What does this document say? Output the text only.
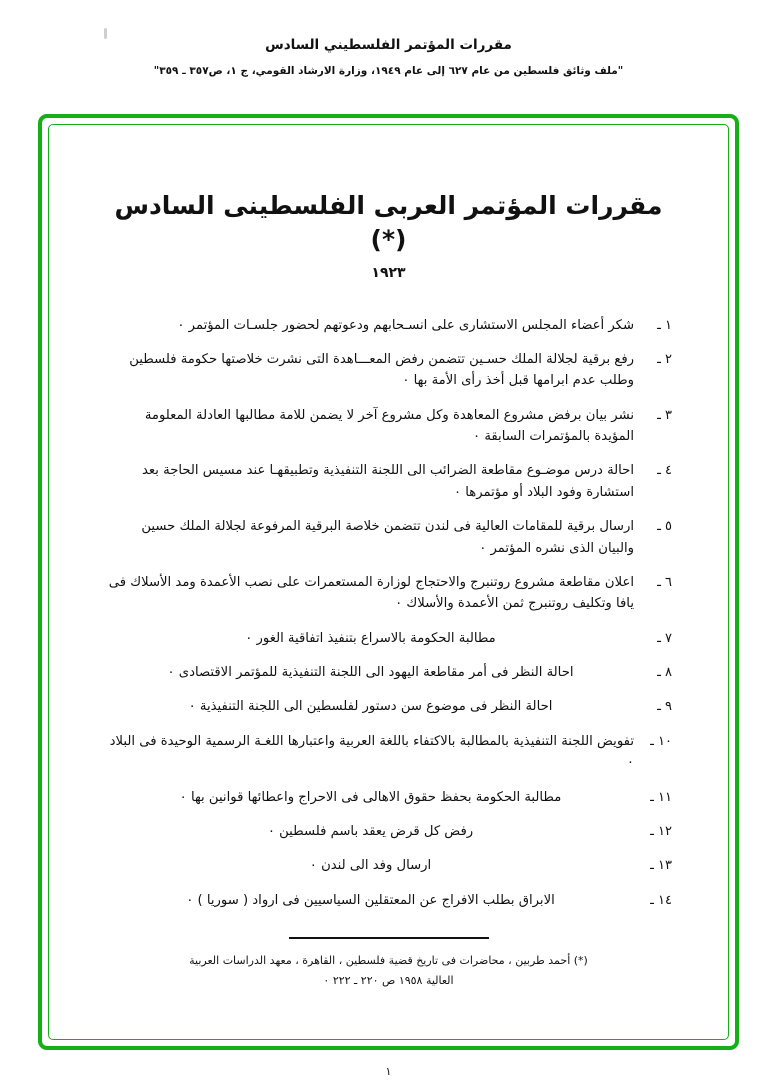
مقررات المؤتمر الفلسطيني السادس
"ملف وثائق فلسطين من عام ٦٢٧ إلى عام ١٩٤٩، وزارة الارشاد القومي، ج ١، ص٣٥٧ ـ ٣٥٩"
مقررات المؤتمر العربى الفلسطينى السادس (*)
١٩٢٣
١ ـ
شكر أعضاء المجلس الاستشارى على انسـحابهم ودعوتهم لحضور جلسـات المؤتمر ٠
٢ ـ
رفع برقية لجلالة الملك حسـين تتضمن رفض المعـــاهدة التى نشرت خلاصتها حكومة فلسطين وطلب عدم ابرامها قبل أخذ رأى الأمة بها ٠
٣ ـ
نشر بيان برفض مشروع المعاهدة وكل مشروع آخر لا يضمن للامة مطالبها العادلة المعلومة المؤيدة بالمؤتمرات السابقة ٠
٤ ـ
احالة درس موضـوع مقاطعة الضرائب الى اللجنة التنفيذية وتطبيقهـا عند مسيس الحاجة بعد استشارة وفود البلاد أو مؤتمرها ٠
٥ ـ
ارسال برقية للمقامات العالية فى لندن تتضمن خلاصة البرقية المرفوعة لجلالة الملك حسين والبيان الذى نشره المؤتمر ٠
٦ ـ
اعلان مقاطعة مشروع روتنبرج والاحتجاج لوزارة المستعمرات على نصب الأعمدة ومد الأسلاك فى يافا وتكليف روتنبرج ثمن الأعمدة والأسلاك ٠
٧ ـ
مطالبة الحكومة بالاسراع بتنفيذ اتفاقية الغور ٠
٨ ـ
احالة النظر فى أمر مقاطعة اليهود الى اللجنة التنفيذية للمؤتمر الاقتصادى ٠
٩ ـ
احالة النظر فى موضوع سن دستور لفلسطين الى اللجنة التنفيذية ٠
١٠ ـ
تفويض اللجنة التنفيذية بالمطالبة بالاكتفاء باللغة العربية واعتبارها اللغـة الرسمية الوحيدة فى البلاد ٠
١١ ـ
مطالبة الحكومة بحفظ حقوق الاهالى فى الاحراج واعطائها قوانين بها ٠
١٢ ـ
رفض كل قرض يعقد باسم فلسطين ٠
١٣ ـ
ارسال وفد الى لندن ٠
١٤ ـ
الابراق بطلب الافراج عن المعتقلين السياسيين فى ارواد ( سوريا ) ٠
(*) أحمد طربين ، محاضرات فى تاريخ قضية فلسطين ، القاهرة ، معهد الدراسات العربية
العالية ١٩٥٨ ص ٢٢٠ ـ ٢٢٢ ٠
١
